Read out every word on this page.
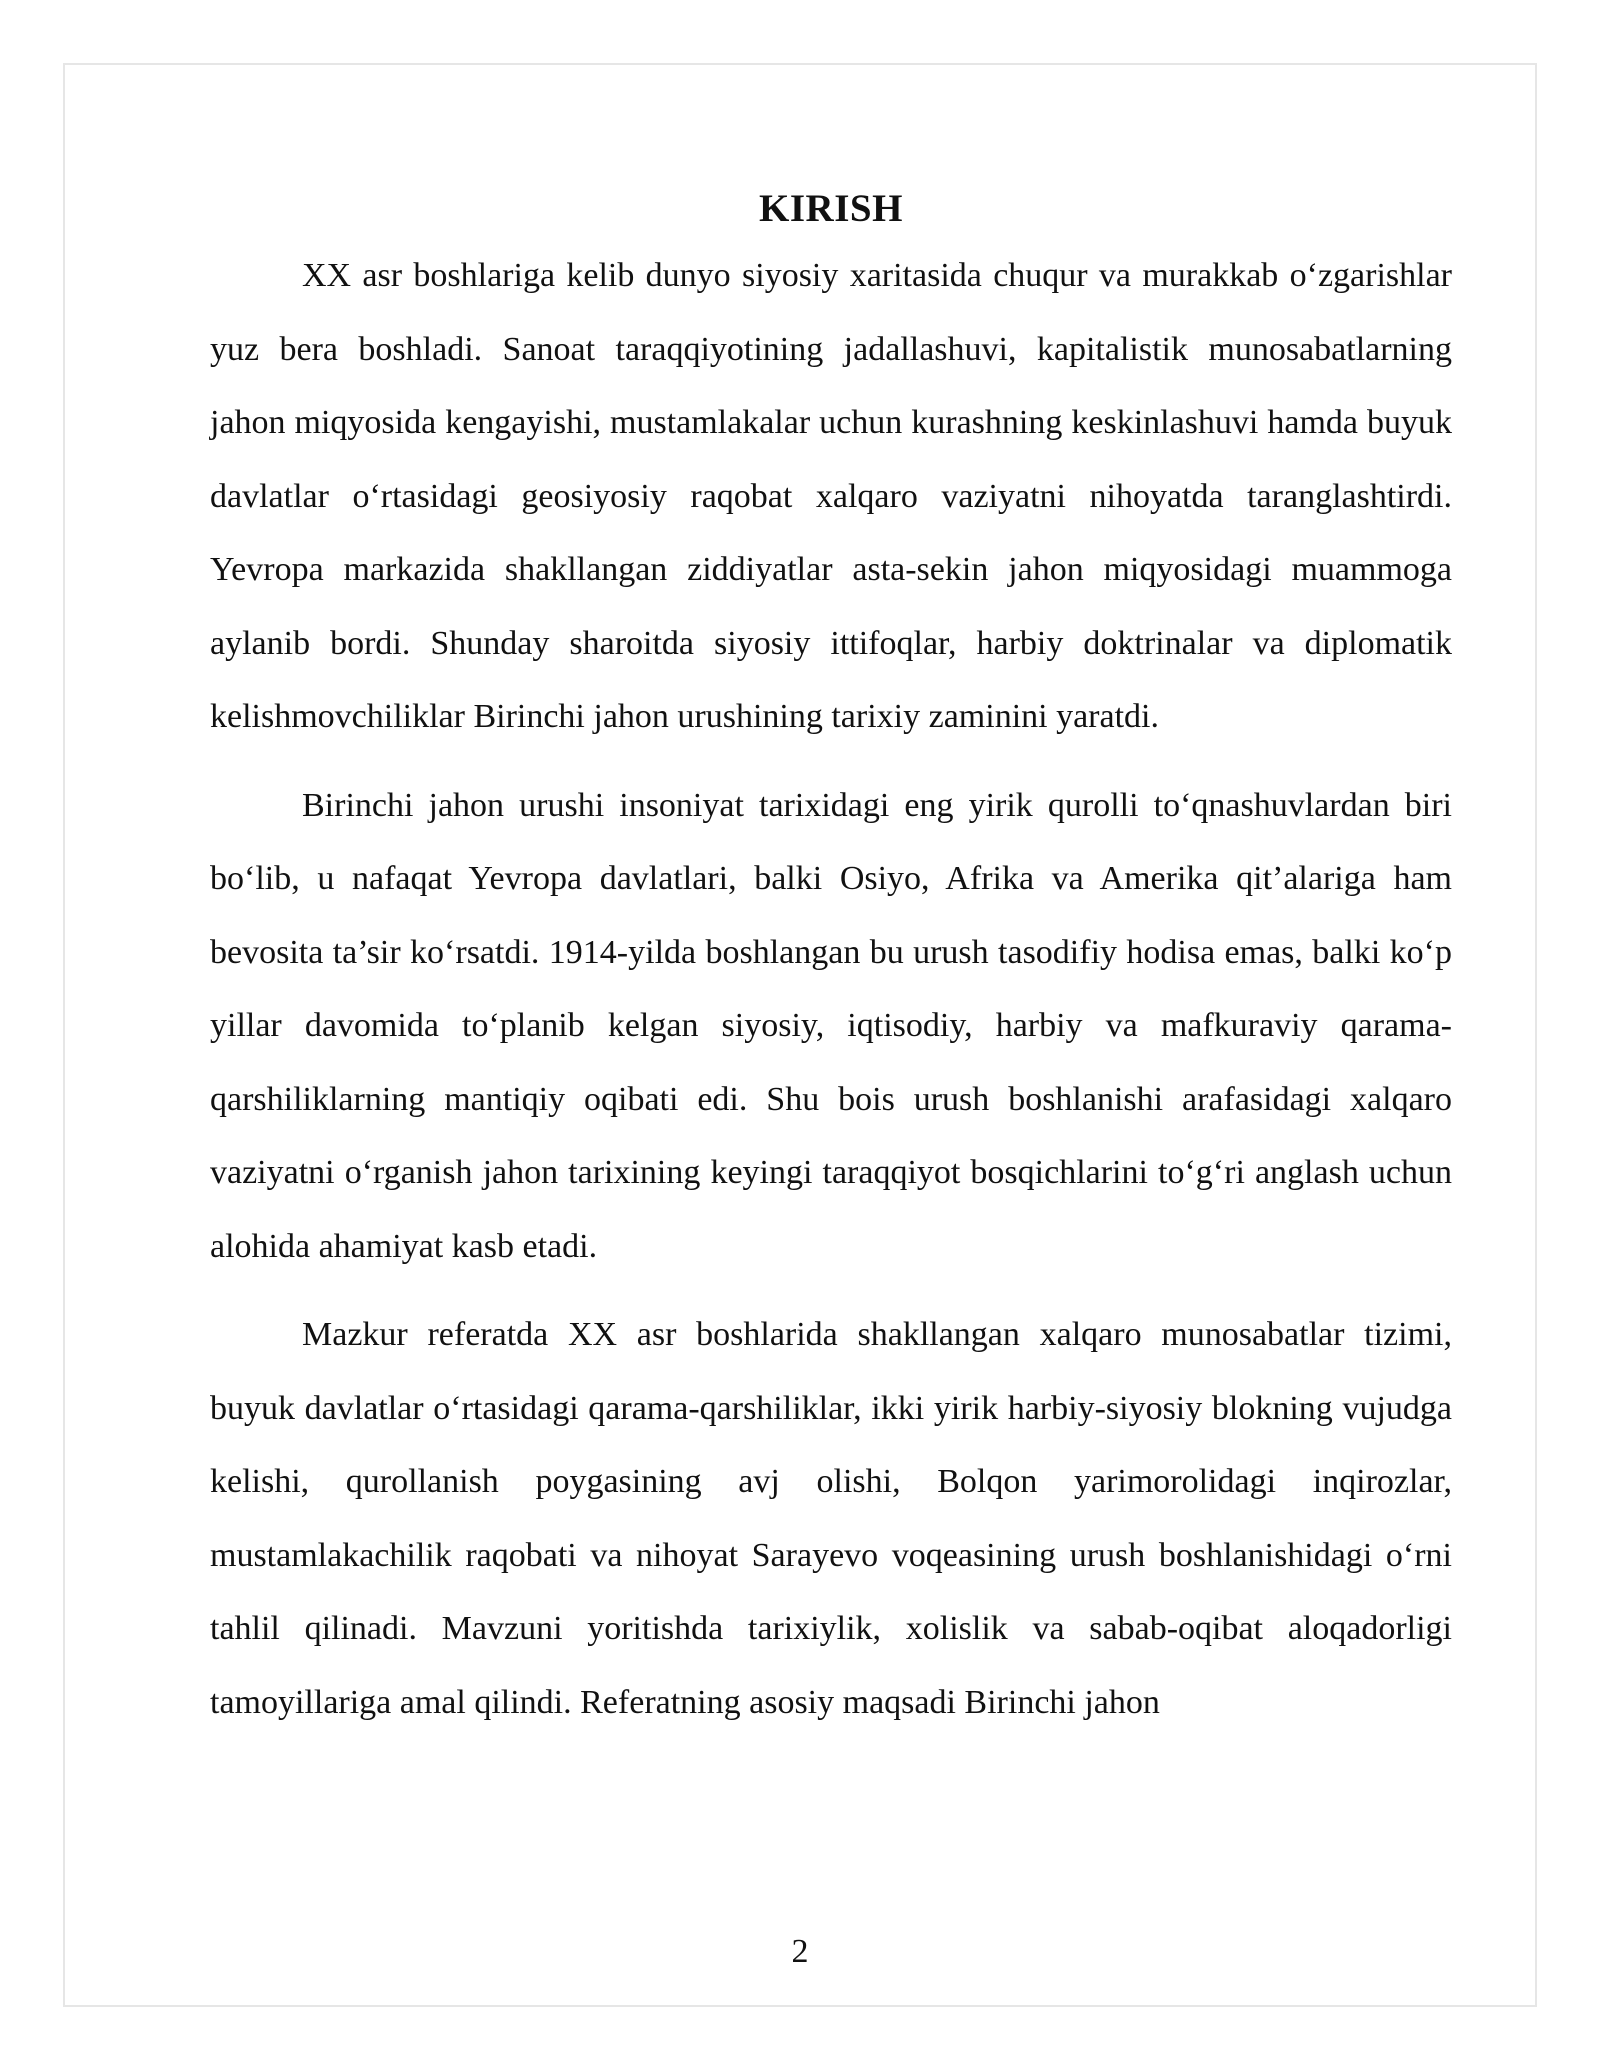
KIRISH

XX asr boshlariga kelib dunyo siyosiy xaritasida chuqur va murakkab oʻzgarishlar yuz bera boshladi. Sanoat taraqqiyotining jadallashuvi, kapitalistik munosabatlarning jahon miqyosida kengayishi, mustamlakalar uchun kurashning keskinlashuvi hamda buyuk davlatlar oʻrtasidagi geosiyosiy raqobat xalqaro vaziyatni nihoyatda taranglashtirdi. Yevropa markazida shakllangan ziddiyatlar asta-sekin jahon miqyosidagi muammoga aylanib bordi. Shunday sharoitda siyosiy ittifoqlar, harbiy doktrinalar va diplomatik kelishmovchiliklar Birinchi jahon urushining tarixiy zaminini yaratdi.

Birinchi jahon urushi insoniyat tarixidagi eng yirik qurolli toʻqnashuvlardan biri boʻlib, u nafaqat Yevropa davlatlari, balki Osiyo, Afrika va Amerika qit’alariga ham bevosita ta’sir koʻrsatdi. 1914-yilda boshlangan bu urush tasodifiy hodisa emas, balki koʻp yillar davomida toʻplanib kelgan siyosiy, iqtisodiy, harbiy va mafkuraviy qarama-qarshiliklarning mantiqiy oqibati edi. Shu bois urush boshlanishi arafasidagi xalqaro vaziyatni oʻrganish jahon tarixining keyingi taraqqiyot bosqichlarini toʻgʻri anglash uchun alohida ahamiyat kasb etadi.

Mazkur referatda XX asr boshlarida shakllangan xalqaro munosabatlar tizimi, buyuk davlatlar oʻrtasidagi qarama-qarshiliklar, ikki yirik harbiy-siyosiy blokning vujudga kelishi, qurollanish poygasining avj olishi, Bolqon yarimorolidagi inqirozlar, mustamlakachilik raqobati va nihoyat Sarayevo voqeasining urush boshlanishidagi oʻrni tahlil qilinadi. Mavzuni yoritishda tarixiylik, xolislik va sabab-oqibat aloqadorligi tamoyillariga amal qilindi. Referatning asosiy maqsadi Birinchi jahon

2
